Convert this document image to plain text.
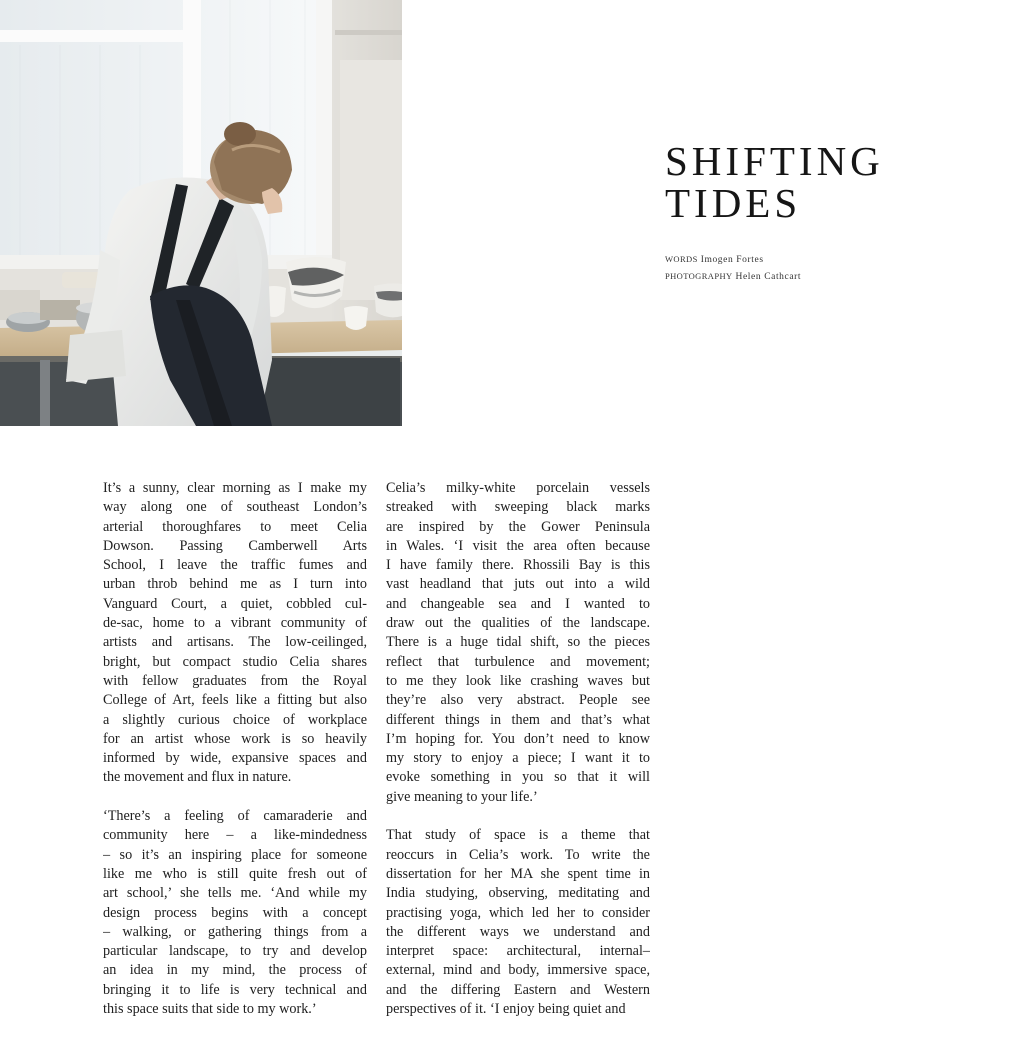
SHIFTING
TIDES
WORDS Imogen Fortes
PHOTOGRAPHY Helen Cathcart

It’s a sunny, clear morning as I make my
way along one of southeast London’s
arterial thoroughfares to meet Celia
Dowson. Passing Camberwell Arts
School, I leave the traffic fumes and
urban throb behind me as I turn into
Vanguard Court, a quiet, cobbled cul-
de-sac, home to a vibrant community of
artists and artisans. The low-ceilinged,
bright, but compact studio Celia shares
with fellow graduates from the Royal
College of Art, feels like a fitting but also
a slightly curious choice of workplace
for an artist whose work is so heavily
informed by wide, expansive spaces and
the movement and flux in nature.

‘There’s a feeling of camaraderie and
community here – a like-mindedness
– so it’s an inspiring place for someone
like me who is still quite fresh out of
art school,’ she tells me. ‘And while my
design process begins with a concept
– walking, or gathering things from a
particular landscape, to try and develop
an idea in my mind, the process of
bringing it to life is very technical and
this space suits that side to my work.’

Celia’s milky-white porcelain vessels
streaked with sweeping black marks
are inspired by the Gower Peninsula
in Wales. ‘I visit the area often because
I have family there. Rhossili Bay is this
vast headland that juts out into a wild
and changeable sea and I wanted to
draw out the qualities of the landscape.
There is a huge tidal shift, so the pieces
reflect that turbulence and movement;
to me they look like crashing waves but
they’re also very abstract. People see
different things in them and that’s what
I’m hoping for. You don’t need to know
my story to enjoy a piece; I want it to
evoke something in you so that it will
give meaning to your life.’

That study of space is a theme that
reoccurs in Celia’s work. To write the
dissertation for her MA she spent time in
India studying, observing, meditating and
practising yoga, which led her to consider
the different ways we understand and
interpret space: architectural, internal–
external, mind and body, immersive space,
and the differing Eastern and Western
perspectives of it. ‘I enjoy being quiet and
